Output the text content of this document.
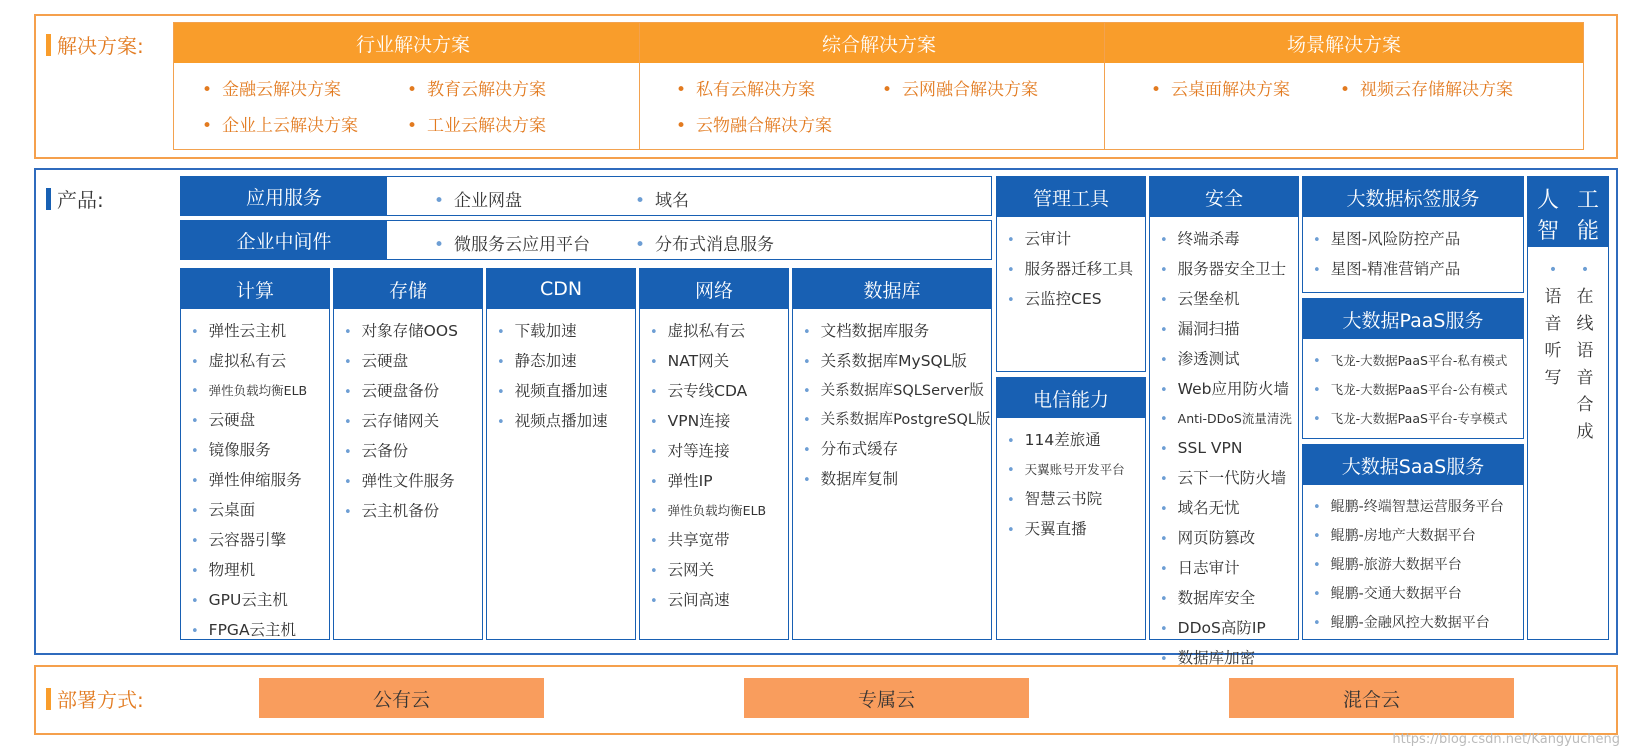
解决方案:	行业解决方案
• 金融云解决方案	• 教育云解决方案
• 企业上云解决方案	• 工业云解决方案
综合解决方案
• 私有云解决方案	• 云网融合解决方案
• 云物融合解决方案
场景解决方案
• 云桌面解决方案	• 视频云存储解决方案
产品:	应用服务	• 企业网盘	• 域名
企业中间件	• 微服务云应用平台	• 分布式消息服务
计算
• 弹性云主机
• 虚拟私有云
• 弹性负载均衡ELB
• 云硬盘
• 镜像服务
• 弹性伸缩服务
• 云桌面
• 云容器引擎
• 物理机
• GPU云主机
• FPGA云主机
存储
• 对象存储OOS
• 云硬盘
• 云硬盘备份
• 云存储网关
• 云备份
• 弹性文件服务
• 云主机备份
CDN
• 下载加速
• 静态加速
• 视频直播加速
• 视频点播加速
网络
• 虚拟私有云
• NAT网关
• 云专线CDA
• VPN连接
• 对等连接
• 弹性IP
• 弹性负载均衡ELB
• 共享宽带
• 云网关
• 云间高速
数据库
• 文档数据库服务
• 关系数据库MySQL版
• 关系数据库SQLServer版
• 关系数据库PostgreSQL版
• 分布式缓存
• 数据库复制
管理工具
• 云审计
• 服务器迁移工具
• 云监控CES
电信能力
• 114差旅通
• 天翼账号开发平台
• 智慧云书院
• 天翼直播
安全
• 终端杀毒
• 服务器安全卫士
• 云堡垒机
• 漏洞扫描
• 渗透测试
• Web应用防火墙
• Anti-DDoS流量清洗
• SSL VPN
• 云下一代防火墙
• 域名无忧
• 网页防篡改
• 日志审计
• 数据库安全
• DDoS高防IP
• 数据库加密
大数据标签服务
• 星图-风险防控产品
• 星图-精准营销产品
大数据PaaS服务
• 飞龙-大数据PaaS平台-私有模式
• 飞龙-大数据PaaS平台-公有模式
• 飞龙-大数据PaaS平台-专享模式
大数据SaaS服务
• 鲲鹏-终端智慧运营服务平台
• 鲲鹏-房地产大数据平台
• 鲲鹏-旅游大数据平台
• 鲲鹏-交通大数据平台
• 鲲鹏-金融风控大数据平台
人 工
智 能
•
语
音
听
写
•
在
线
语
音
合
成
部署方式:	公有云	专属云	混合云
https://blog.csdn.net/Kangyucheng
